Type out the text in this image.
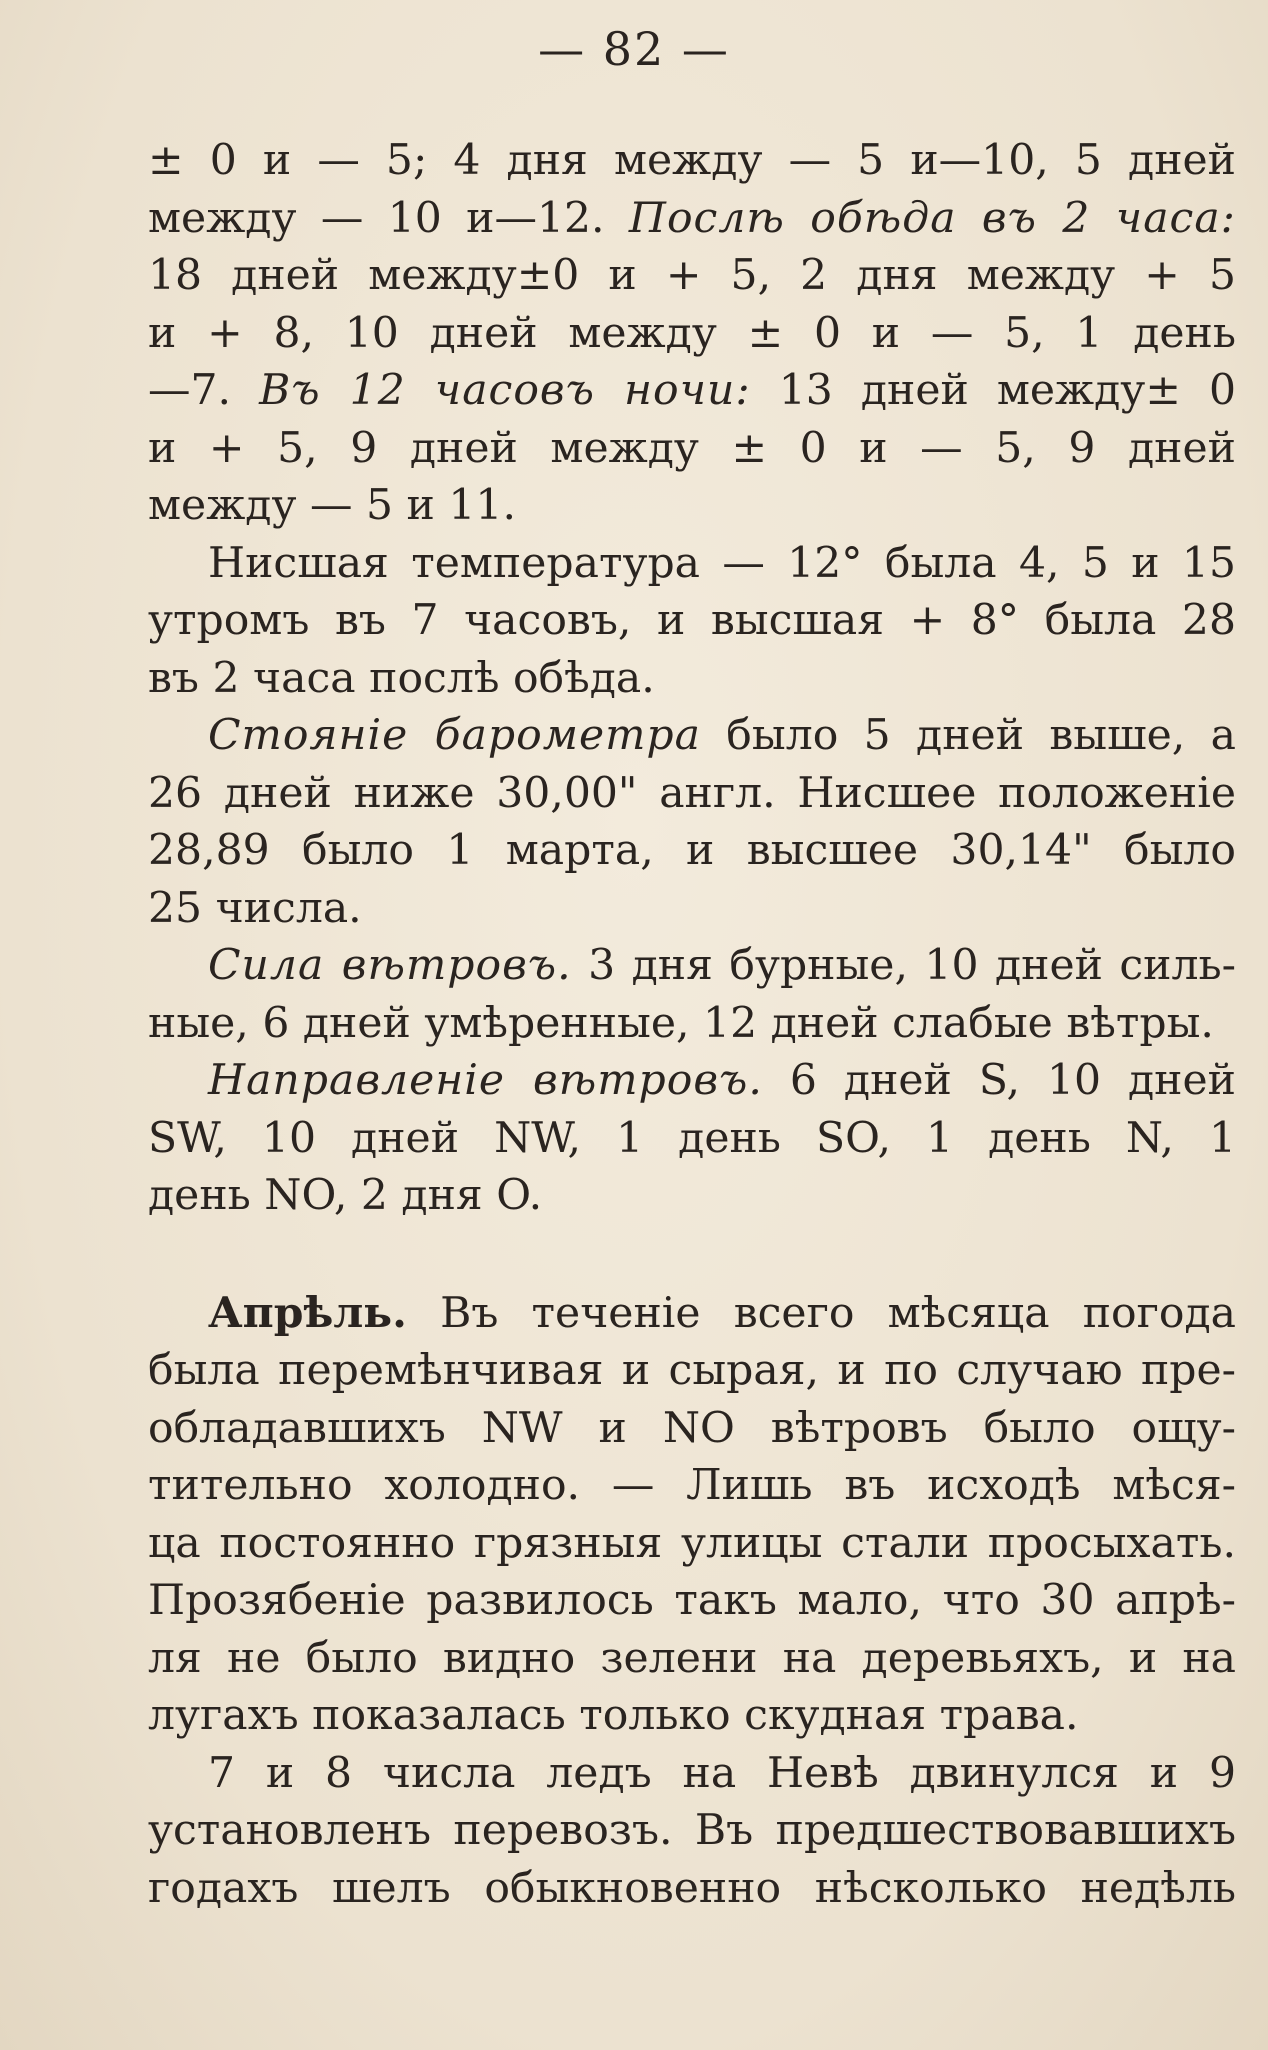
— 82 —
± 0 и — 5; 4 дня между — 5 и—10, 5 дней
между — 10 и—12. Послѣ обѣда въ 2 часа:
18 дней между±0 и + 5, 2 дня между + 5
и + 8, 10 дней между ± 0 и — 5, 1 день
—7. Въ 12 часовъ ночи: 13 дней между± 0
и + 5, 9 дней между ± 0 и — 5, 9 дней
между — 5 и 11.
Нисшая температура — 12° была 4, 5 и 15
утромъ въ 7 часовъ, и высшая + 8° была 28
въ 2 часа послѣ обѣда.
Стояніе барометра было 5 дней выше, а
26 дней ниже 30,00" англ. Нисшее положеніе
28,89 было 1 марта, и высшее 30,14" было
25 числа.
Сила вѣтровъ. 3 дня бурные, 10 дней силь-
ные, 6 дней умѣренные, 12 дней слабые вѣтры.
Направленіе вѣтровъ. 6 дней S, 10 дней
SW, 10 дней NW, 1 день SO, 1 день N, 1
день NO, 2 дня O.
Апрѣль. Въ теченіе всего мѣсяца погода
была перемѣнчивая и сырая, и по случаю пре-
обладавшихъ NW и NO вѣтровъ было ощу-
тительно холодно. — Лишь въ исходѣ мѣся-
ца постоянно грязныя улицы стали просыхать.
Прозябеніе развилось такъ мало, что 30 апрѣ-
ля не было видно зелени на деревьяхъ, и на
лугахъ показалась только скудная трава.
7 и 8 числа ледъ на Невѣ двинулся и 9
установленъ перевозъ. Въ предшествовавшихъ
годахъ шелъ обыкновенно нѣсколько недѣль
